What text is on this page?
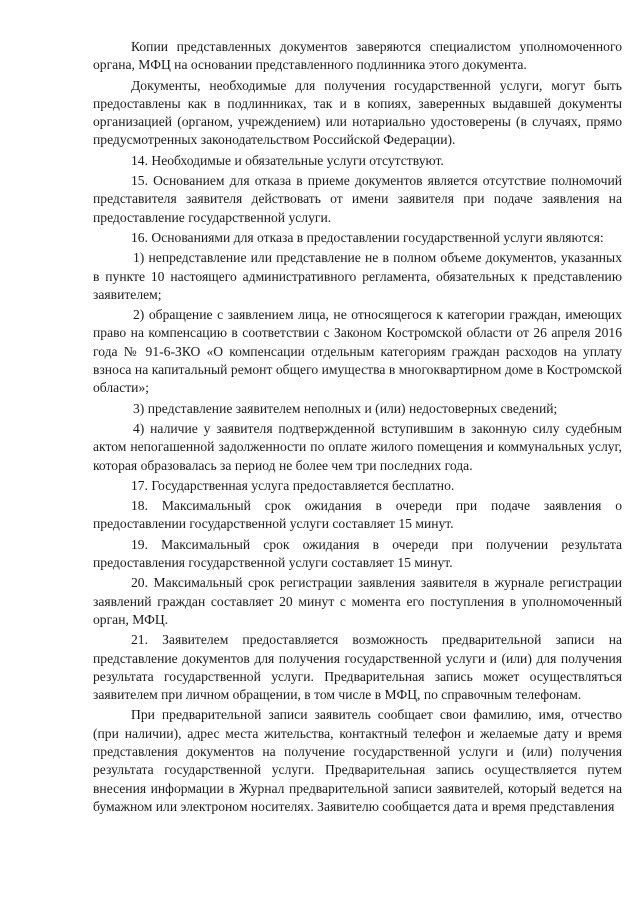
Копии представленных документов заверяются специалистом уполномоченного органа, МФЦ на основании представленного подлинника этого документа.

Документы, необходимые для получения государственной услуги, могут быть предоставлены как в подлинниках, так и в копиях, заверенных выдавшей документы организацией (органом, учреждением) или нотариально удостоверены (в случаях, прямо предусмотренных законодательством Российской Федерации).

14. Необходимые и обязательные услуги отсутствуют.

15. Основанием для отказа в приеме документов является отсутствие полномочий представителя заявителя действовать от имени заявителя при подаче заявления на предоставление государственной услуги.

16. Основаниями для отказа в предоставлении государственной услуги являются:

1) непредставление или представление не в полном объеме документов, указанных в пункте 10 настоящего административного регламента, обязательных к представлению заявителем;

2) обращение с заявлением лица, не относящегося к категории граждан, имеющих право на компенсацию в соответствии с Законом Костромской области от 26 апреля 2016 года № 91-6-ЗКО «О компенсации отдельным категориям граждан расходов на уплату взноса на капитальный ремонт общего имущества в многоквартирном доме в Костромской области»;

3) представление заявителем неполных и (или) недостоверных сведений;

4) наличие у заявителя подтвержденной вступившим в законную силу судебным актом непогашенной задолженности по оплате жилого помещения и коммунальных услуг, которая образовалась за период не более чем три последних года.

17. Государственная услуга предоставляется бесплатно.

18. Максимальный срок ожидания в очереди при подаче заявления о предоставлении государственной услуги составляет 15 минут.

19. Максимальный срок ожидания в очереди при получении результата предоставления государственной услуги составляет 15 минут.

20. Максимальный срок регистрации заявления заявителя в журнале регистрации заявлений граждан составляет 20 минут с момента его поступления в уполномоченный орган, МФЦ.

21. Заявителем предоставляется возможность предварительной записи на представление документов для получения государственной услуги и (или) для получения результата государственной услуги. Предварительная запись может осуществляться заявителем при личном обращении, в том числе в МФЦ, по справочным телефонам.

При предварительной записи заявитель сообщает свои фамилию, имя, отчество (при наличии), адрес места жительства, контактный телефон и желаемые дату и время представления документов на получение государственной услуги и (или) получения результата государственной услуги. Предварительная запись осуществляется путем внесения информации в Журнал предварительной записи заявителей, который ведется на бумажном или электроном носителях. Заявителю сообщается дата и время представления
